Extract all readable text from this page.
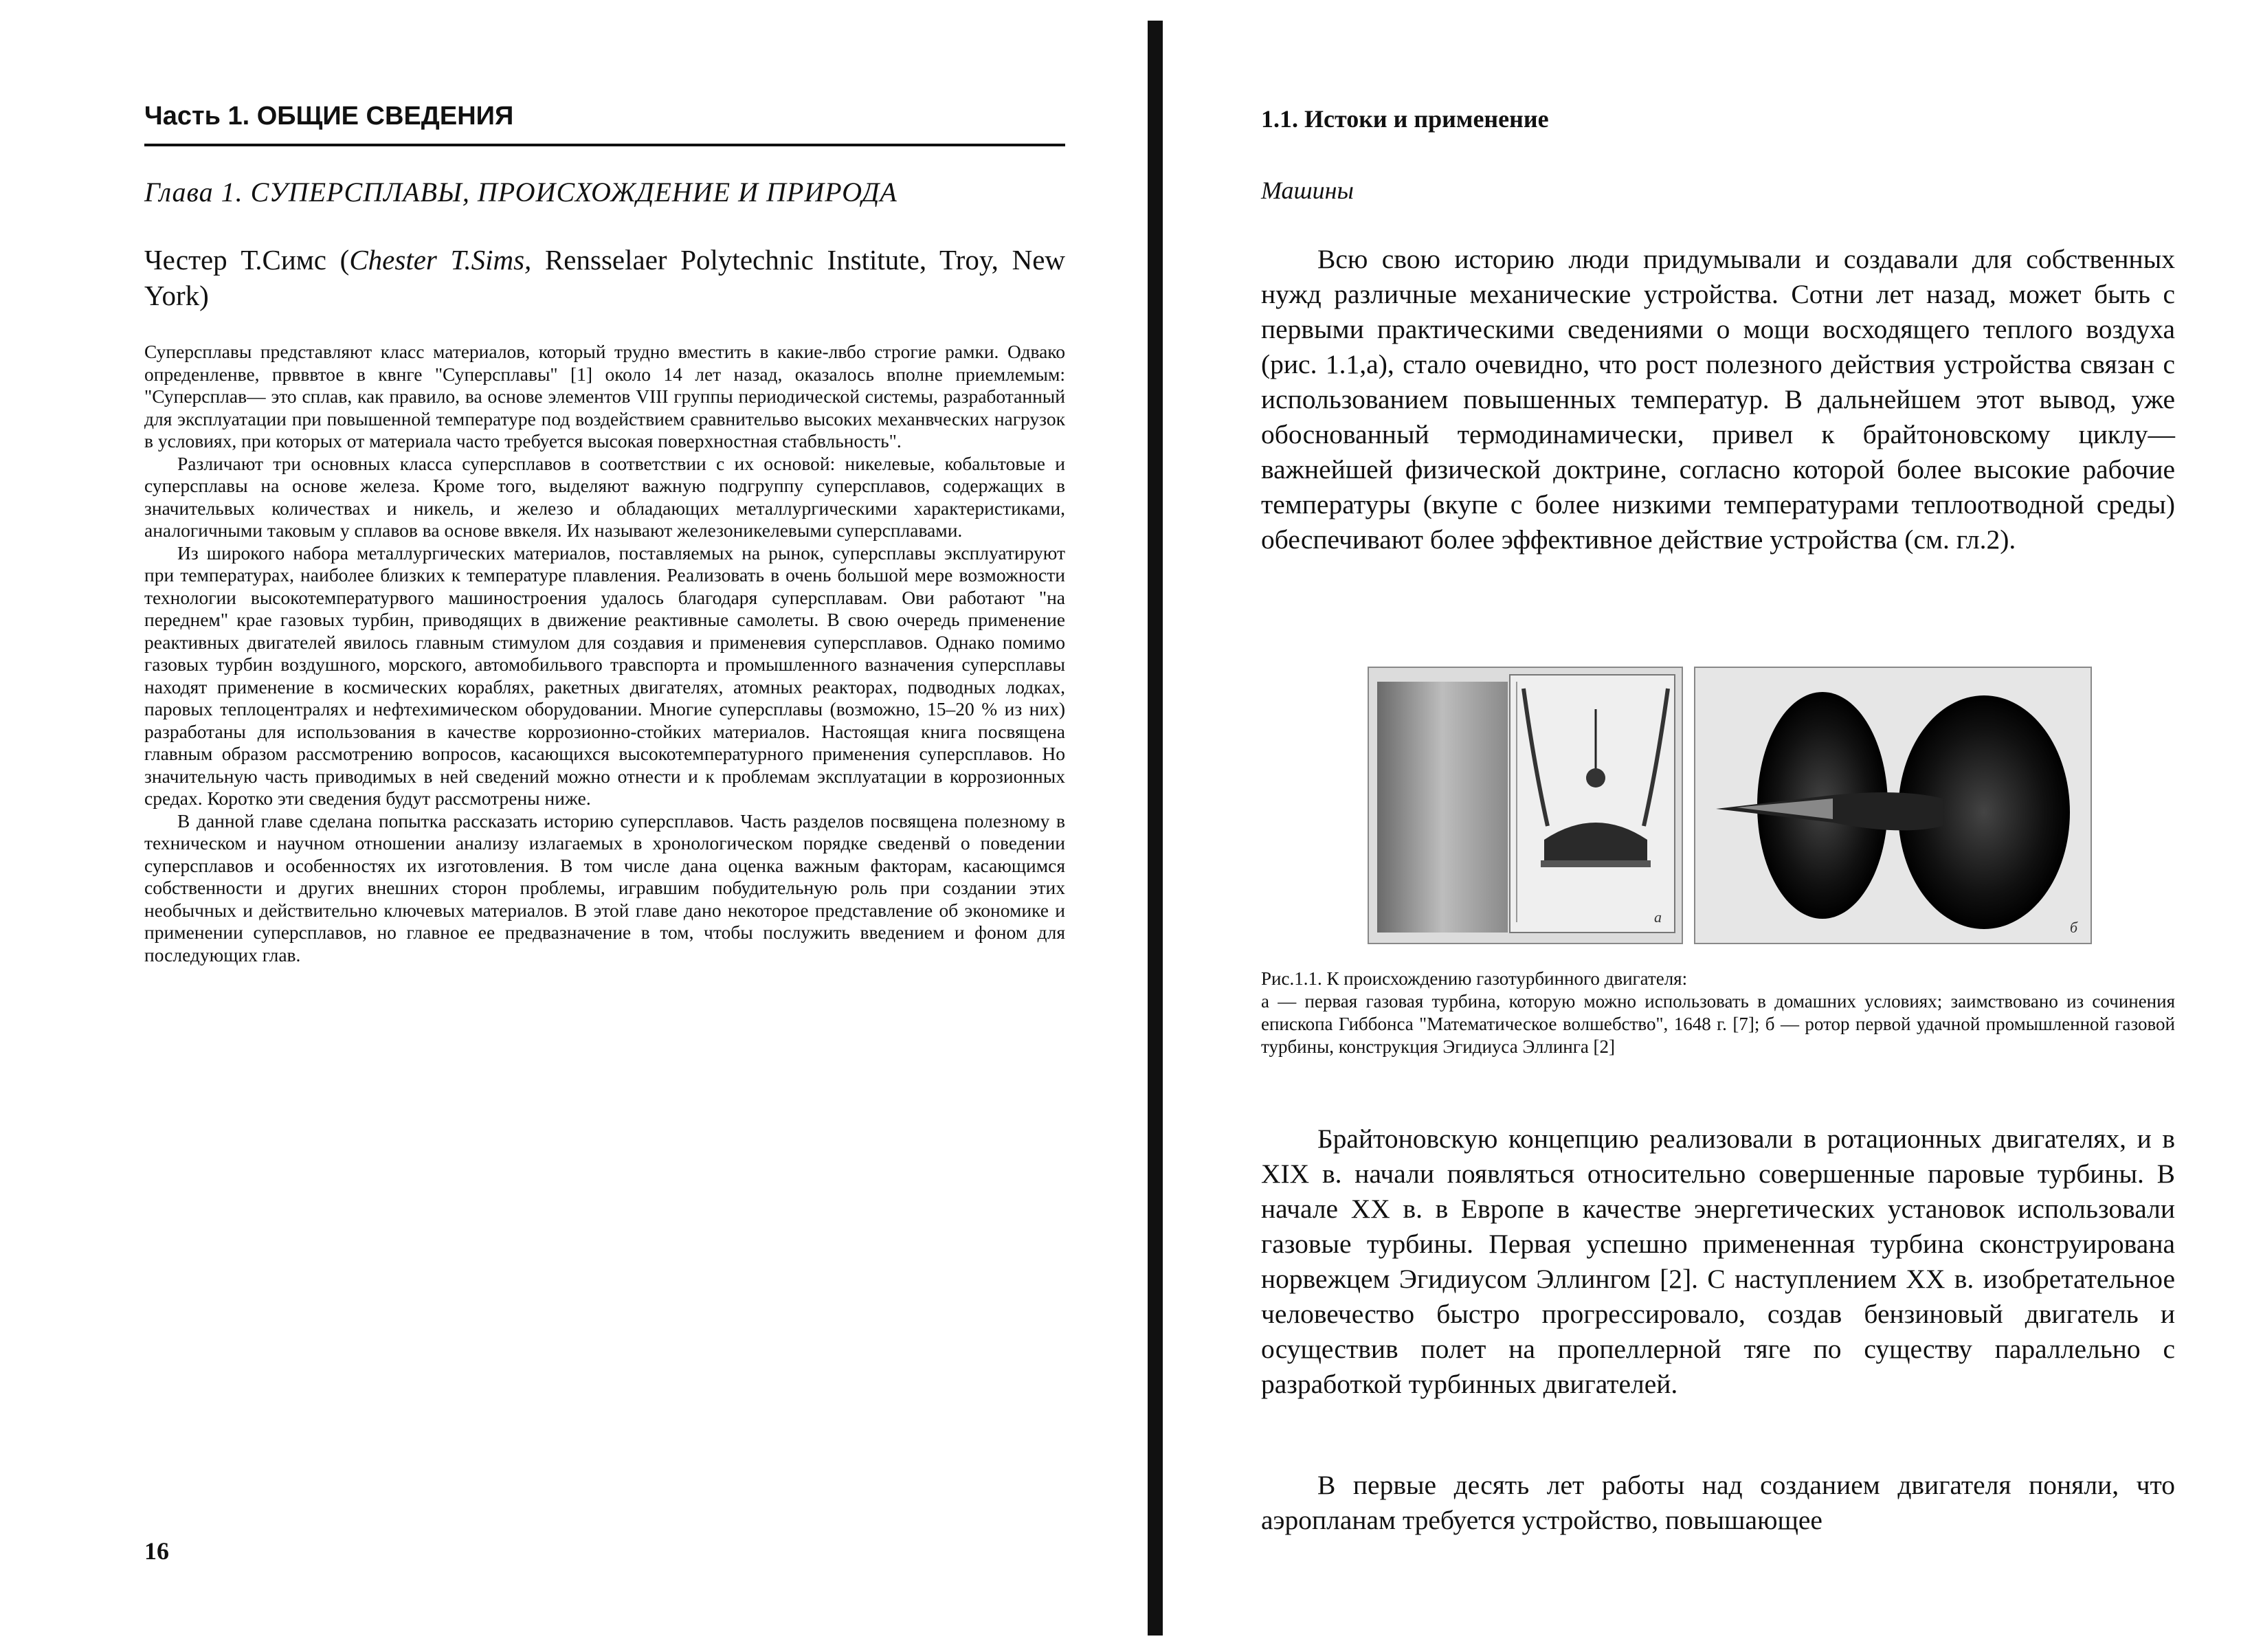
Часть 1. ОБЩИЕ СВЕДЕНИЯ
Глава 1. СУПЕРСПЛАВЫ, ПРОИСХОЖДЕНИЕ И ПРИРОДА
Честер Т.Симс (Chester T.Sims, Rensselaer Polytechnic Institute, Troy, New York)

Суперсплавы представляют класс материалов, который трудно вместить в какие-лвбо строгие рамки. Одвако опреденленве, првввтое в квнге "Суперсплавы" [1] около 14 лет назад, оказалось вполне приемлемым: "Суперсплав— это сплав, как правило, ва основе элементов VIII группы периодической системы, разработанный для эксплуатации при повышенной температуре под воздействием сравнительво высоких механвческих нагрузок в условиях, при которых от материала часто требуется высокая поверхностная стабвльность".

Различают три основных класса суперсплавов в соответствии с их основой: никелевые, кобальтовые и суперсплавы на основе железа. Кроме того, выделяют важную подгруппу суперсплавов, содержащих в значительвых количествах и никель, и железо и обладающих металлургическими характеристиками, аналогичными таковым у сплавов ва основе ввкеля. Их называют железоникелевыми суперсплавами.

Из широкого набора металлургических материалов, поставляемых на рынок, суперсплавы эксплуатируют при температурах, наиболее близких к температуре плавления. Реализовать в очень большой мере возможности технологии высокотемпературвого машиностроения удалось благодаря суперсплавам. Ови работают "на переднем" крае газовых турбин, приводящих в движение реактивные самолеты. В свою очередь применение реактивных двигателей явилось главным стимулом для создавия и применевия суперсплавов. Однако помимо газовых турбин воздушного, морского, автомобильвого травспорта и промышленного вазначения суперсплавы находят применение в космических кораблях, ракетных двигателях, атомных реакторах, подводных лодках, паровых теплоцентралях и нефтехимическом оборудовании. Многие суперсплавы (возможно, 15–20 % из них) разработаны для использования в качестве коррозионно-стойких материалов. Настоящая книга посвящена главным образом рассмотрению вопросов, касающихся высокотемпературного применения суперсплавов. Но значительную часть приводимых в ней сведений можно отнести и к проблемам эксплуатации в коррозионных средах. Коротко эти сведения будут рассмотрены ниже.

В данной главе сделана попытка рассказать историю суперсплавов. Часть разделов посвящена полезному в техническом и научном отношении анализу излагаемых в хронологическом порядке сведенвй о поведении суперсплавов и особенностях их изготовления. В том числе дана оценка важным факторам, касающимся собственности и других внешних сторон проблемы, игравшим побудительную роль при создании этих необычных и действительно ключевых материалов. В этой главе дано некоторое представление об экономике и применении суперсплавов, но главное ее предвазначение в том, чтобы послужить введением и фоном для последующих глав.

16
1.1. Истоки и применение
Машины

Всю свою историю люди придумывали и создавали для собственных нужд различные механические устройства. Сотни лет назад, может быть с первыми практическими сведениями о мощи восходящего теплого воздуха (рис. 1.1,а), стало очевидно, что рост полезного действия устройства связан с использованием повышенных температур. В дальнейшем этот вывод, уже обоснованный термодинамически, привел к брайтоновскому циклу— важнейшей физической доктрине, согласно которой более высокие рабочие температуры (вкупе с более низкими температурами теплоотводной среды) обеспечивают более эффективное действие устройства (см. гл.2).

а
б

Рис.1.1. К происхождению газотурбинного двигателя:

а — первая газовая турбина, которую можно использовать в домашних условиях; заимствовано из сочинения епископа Гиббонса "Математическое волшебство", 1648 г. [7]; б — ротор первой удачной промышленной газовой турбины, конструкция Эгидиуса Эллинга [2]

Брайтоновскую концепцию реализовали в ротационных двигателях, и в XIX в. начали появляться относительно совершенные паровые турбины. В начале XX в. в Европе в качестве энергетических установок использовали газовые турбины. Первая успешно примененная турбина сконструирована норвежцем Эгидиусом Эллингом [2]. С наступлением XX в. изобретательное человечество быстро прогрессировало, создав бензиновый двигатель и осуществив полет на пропеллерной тяге по существу параллельно с разработкой турбинных двигателей.

В первые десять лет работы над созданием двигателя поняли, что аэропланам требуется устройство, повышающее
